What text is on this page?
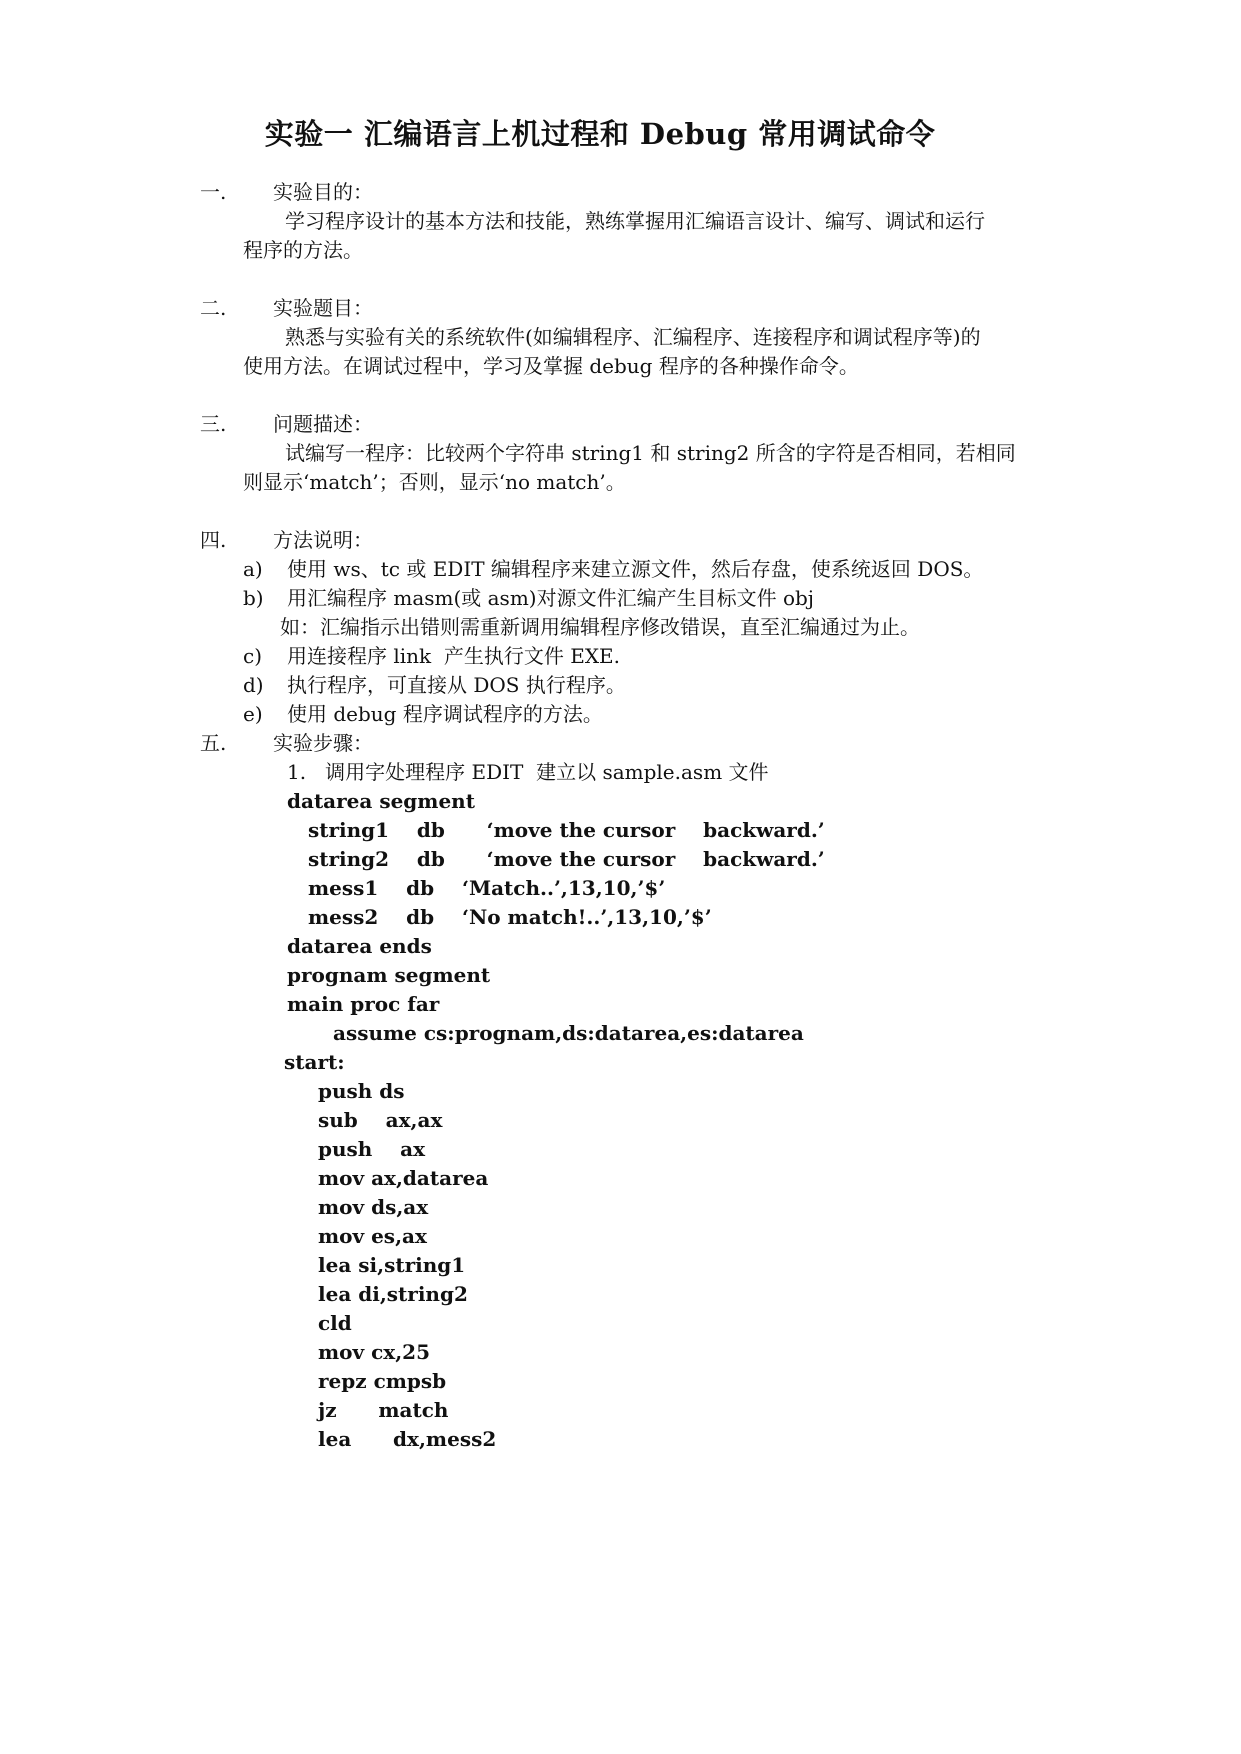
实验一 汇编语言上机过程和 Debug 常用调试命令
一. 实验目的：
学习程序设计的基本方法和技能，熟练掌握用汇编语言设计、编写、调试和运行
程序的方法。
二. 实验题目：
熟悉与实验有关的系统软件(如编辑程序、汇编程序、连接程序和调试程序等)的
使用方法。在调试过程中，学习及掌握 debug 程序的各种操作命令。
三. 问题描述：
试编写一程序：比较两个字符串 string1 和 string2 所含的字符是否相同，若相同
则显示‘match’；否则，显示‘no match’。
四. 方法说明：
a) 使用 ws、tc 或 EDIT 编辑程序来建立源文件，然后存盘，使系统返回 DOS。
b) 用汇编程序 masm(或 asm)对源文件汇编产生目标文件 obj
如：汇编指示出错则需重新调用编辑程序修改错误，直至汇编通过为止。
c) 用连接程序 link  产生执行文件 EXE.
d) 执行程序，可直接从 DOS 执行程序。
e) 使用 debug 程序调试程序的方法。
五. 实验步骤：
1.   调用字处理程序 EDIT  建立以 sample.asm 文件
datarea segment
string1    db      ‘move the cursor    backward.’
string2    db      ‘move the cursor    backward.’
mess1    db    ‘Match..’,13,10,’$’
mess2    db    ‘No match!..’,13,10,’$’
datarea ends
prognam segment
main proc far
assume cs:prognam,ds:datarea,es:datarea
start:
push ds
sub    ax,ax
push    ax
mov ax,datarea
mov ds,ax
mov es,ax
lea si,string1
lea di,string2
cld
mov cx,25
repz cmpsb
jz      match
lea      dx,mess2
